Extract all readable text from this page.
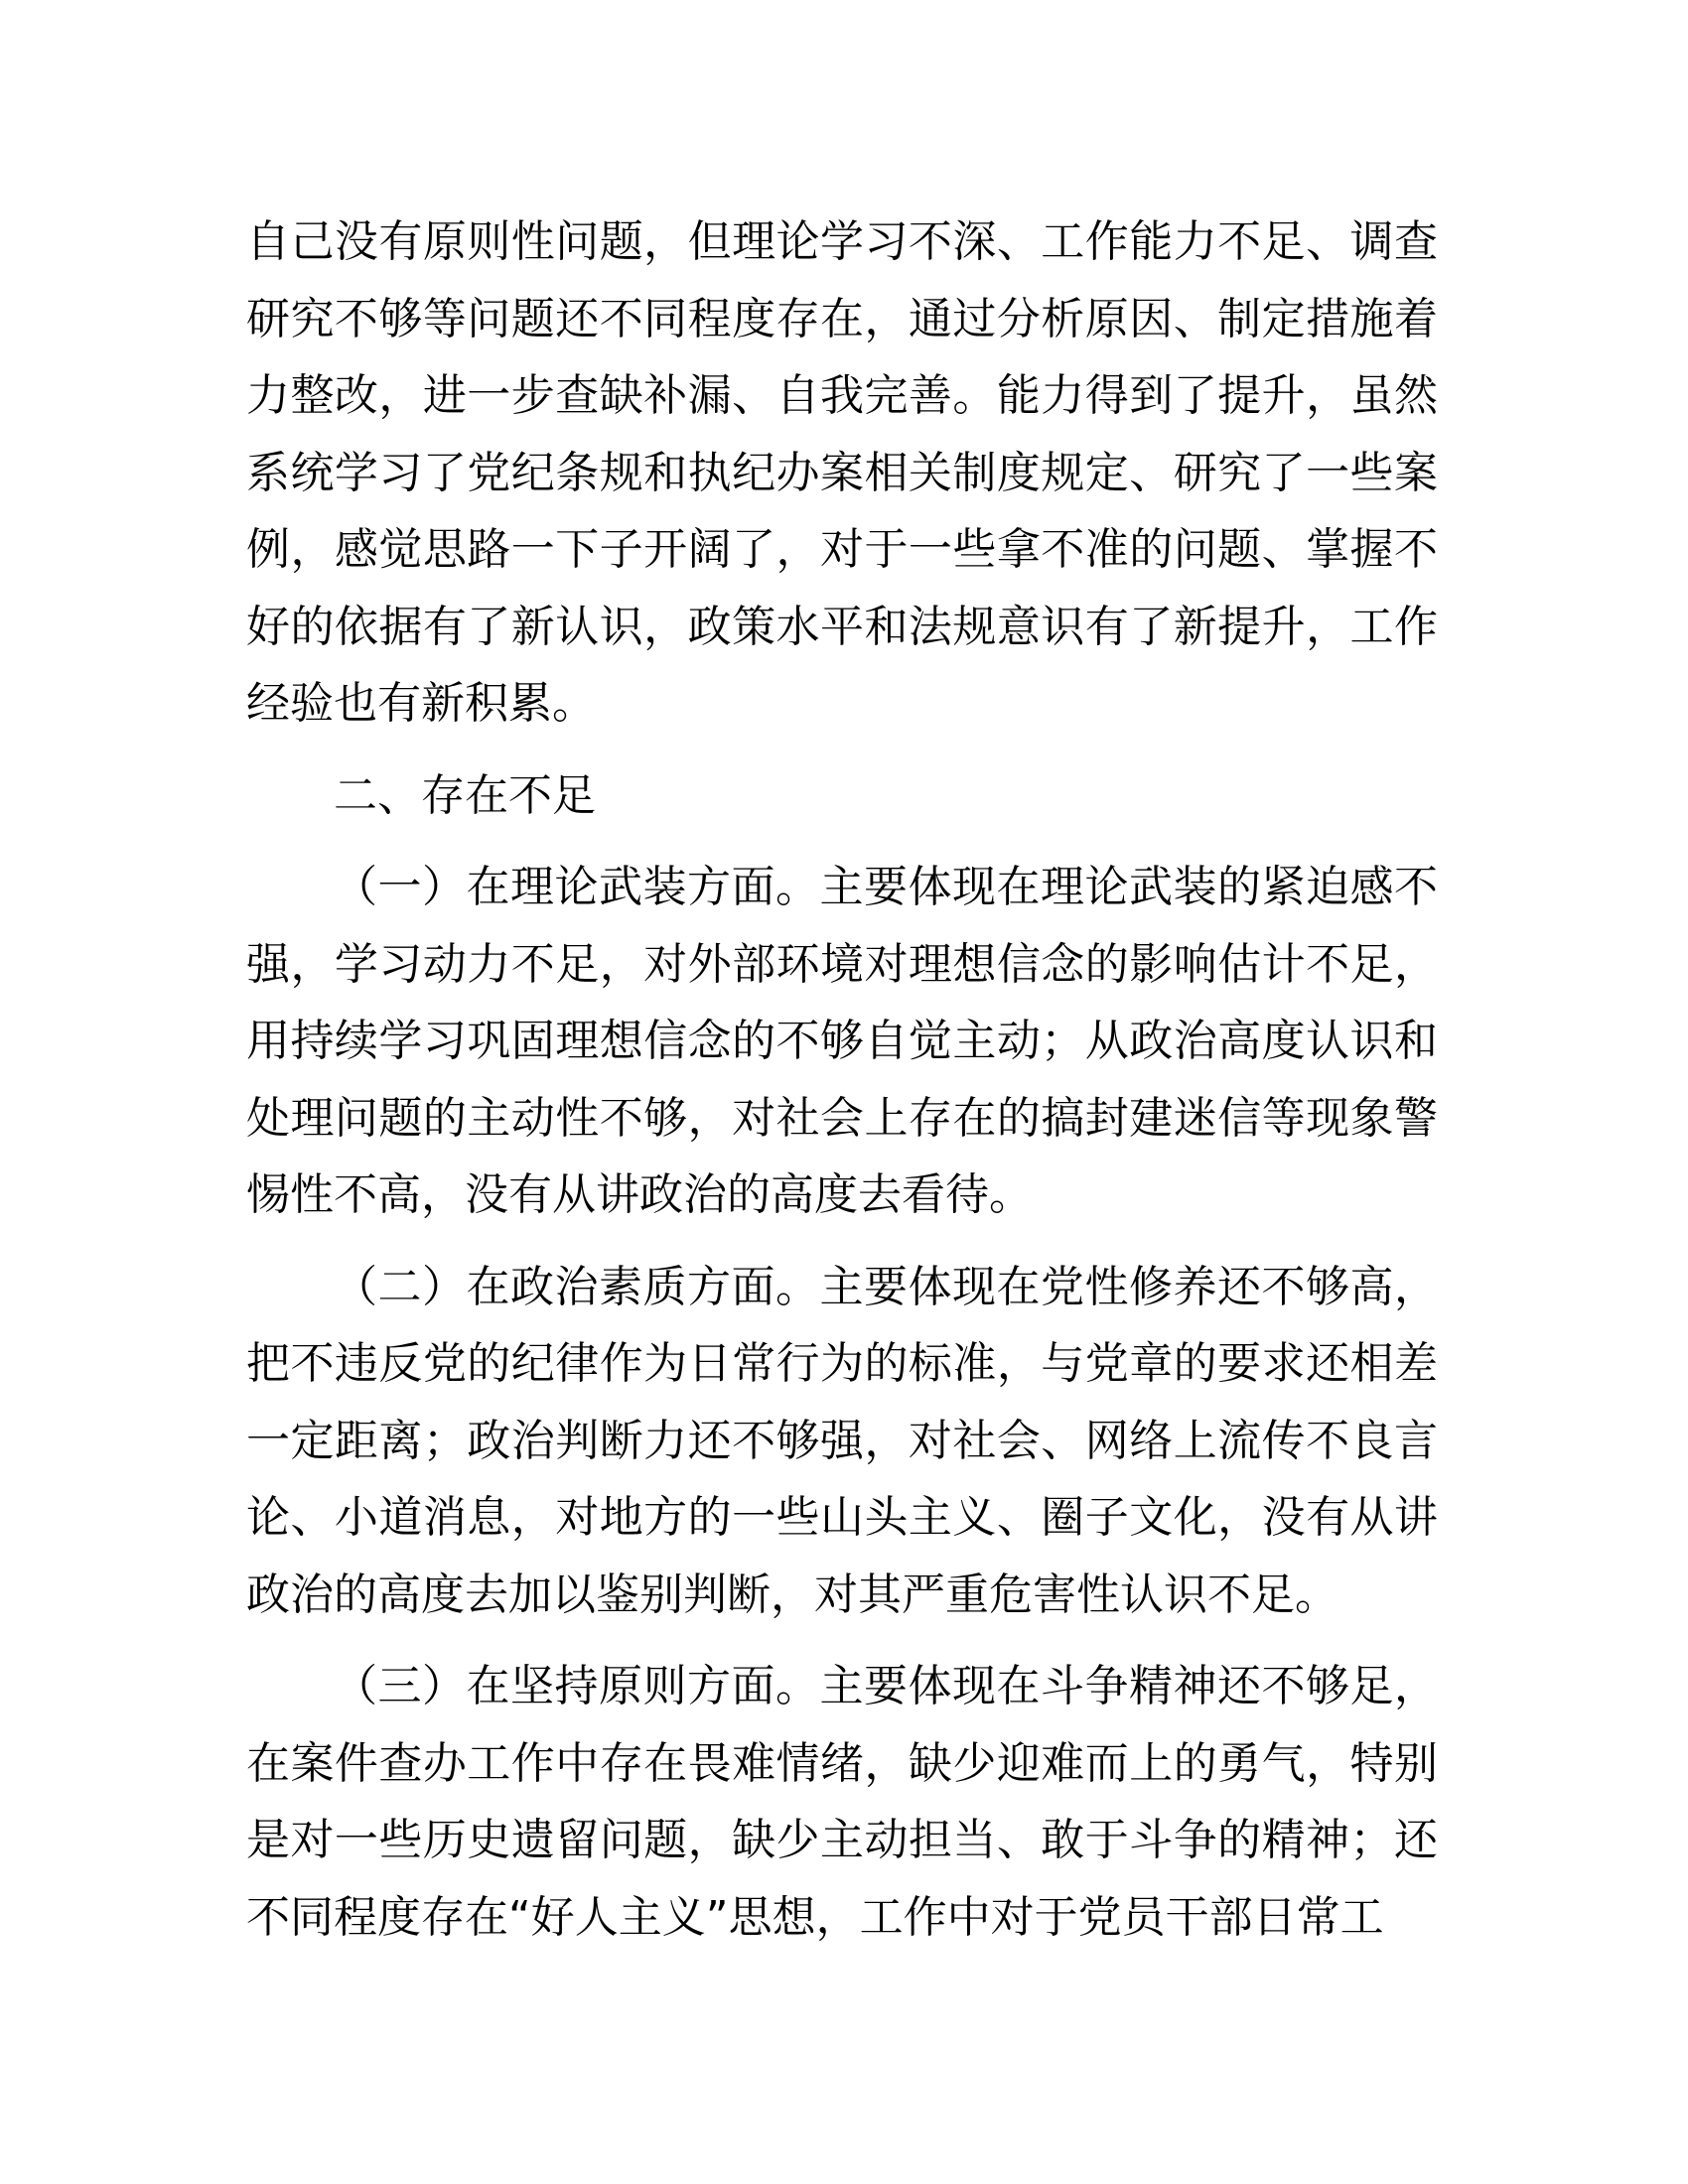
自己没有原则性问题，但理论学习不深、工作能力不足、调查研究不够等问题还不同程度存在，通过分析原因、制定措施着力整改，进一步查缺补漏、自我完善。能力得到了提升，虽然系统学习了党纪条规和执纪办案相关制度规定、研究了一些案例，感觉思路一下子开阔了，对于一些拿不准的问题、掌握不好的依据有了新认识，政策水平和法规意识有了新提升，工作经验也有新积累。

二、存在不足

（一）在理论武装方面。主要体现在理论武装的紧迫感不强，学习动力不足，对外部环境对理想信念的影响估计不足，用持续学习巩固理想信念的不够自觉主动；从政治高度认识和处理问题的主动性不够，对社会上存在的搞封建迷信等现象警惕性不高，没有从讲政治的高度去看待。

（二）在政治素质方面。主要体现在党性修养还不够高，把不违反党的纪律作为日常行为的标准，与党章的要求还相差一定距离；政治判断力还不够强，对社会、网络上流传不良言论、小道消息，对地方的一些山头主义、圈子文化，没有从讲政治的高度去加以鉴别判断，对其严重危害性认识不足。

（三）在坚持原则方面。主要体现在斗争精神还不够足，在案件查办工作中存在畏难情绪，缺少迎难而上的勇气，特别是对一些历史遗留问题，缺少主动担当、敢于斗争的精神；还不同程度存在“好人主义”思想，工作中对于党员干部日常工
